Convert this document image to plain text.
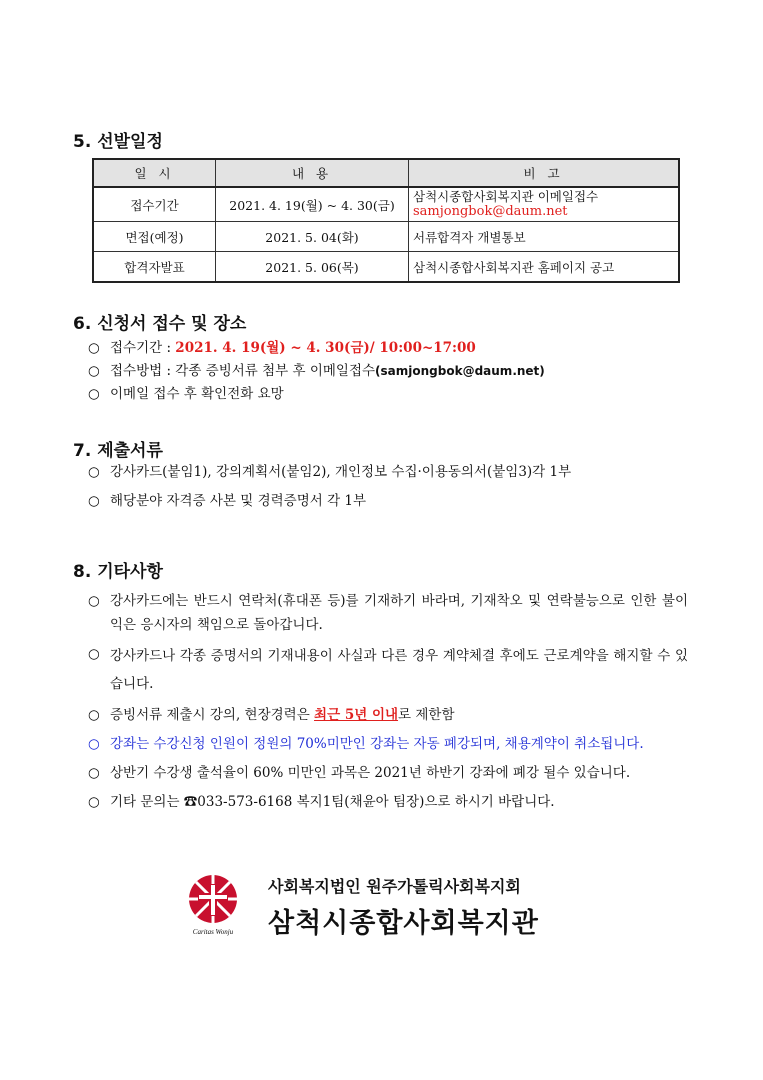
5. 선발일정
일 시	내 용	비 고
접수기간	2021. 4. 19(월) ~ 4. 30(금)	삼척시종합사회복지관 이메일접수
samjongbok@daum.net
면접(예정)	2021. 5. 04(화)	서류합격자 개별통보
합격자발표	2021. 5. 06(목)	삼척시종합사회복지관 홈페이지 공고
6. 신청서 접수 및 장소
○ 접수기간 : 2021. 4. 19(월) ~ 4. 30(금)/ 10:00~17:00
○ 접수방법 : 각종 증빙서류 첨부 후 이메일접수(samjongbok@daum.net)
○ 이메일 접수 후 확인전화 요망
7. 제출서류
○ 강사카드(붙임1), 강의계획서(붙임2), 개인정보 수집·이용동의서(붙임3)각 1부
○ 해당분야 자격증 사본 및 경력증명서 각 1부
8. 기타사항
○ 강사카드에는 반드시 연락처(휴대폰 등)를 기재하기 바라며, 기재착오 및 연락불능으로 인한 불이익은 응시자의 책임으로 돌아갑니다.
○ 강사카드나 각종 증명서의 기재내용이 사실과 다른 경우 계약체결 후에도 근로계약을 해지할 수 있습니다.
○ 증빙서류 제출시 강의, 현장경력은 최근 5년 이내로 제한함
○ 강좌는 수강신청 인원이 정원의 70%미만인 강좌는 자동 폐강되며, 채용계약이 취소됩니다.
○ 상반기 수강생 출석율이 60% 미만인 과목은 2021년 하반기 강좌에 폐강 될수 있습니다.
○ 기타 문의는 ☎033-573-6168 복지1팀(채윤아 팀장)으로 하시기 바랍니다.
Caritas Wonju

사회복지법인 원주가톨릭사회복지회

삼척시종합사회복지관
